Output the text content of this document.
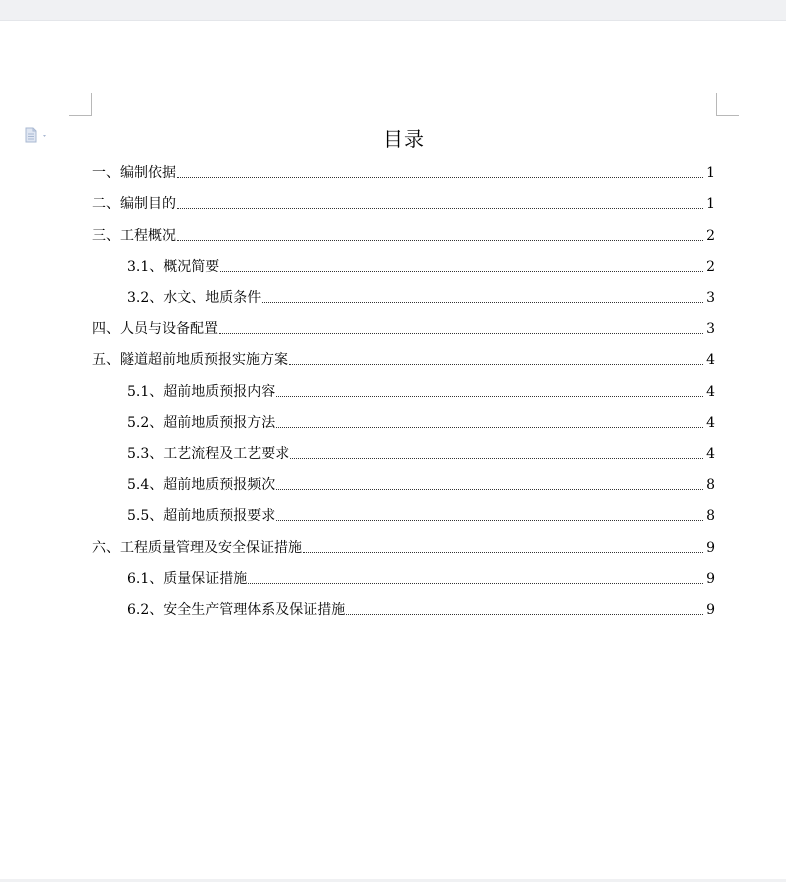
目录
一、编制依据	1
二、编制目的	1
三、工程概况	2
3.1、概况简要	2
3.2、水文、地质条件	3
四、人员与设备配置	3
五、隧道超前地质预报实施方案	4
5.1、超前地质预报内容	4
5.2、超前地质预报方法	4
5.3、工艺流程及工艺要求	4
5.4、超前地质预报频次	8
5.5、超前地质预报要求	8
六、工程质量管理及安全保证措施	9
6.1、质量保证措施	9
6.2、安全生产管理体系及保证措施	9
